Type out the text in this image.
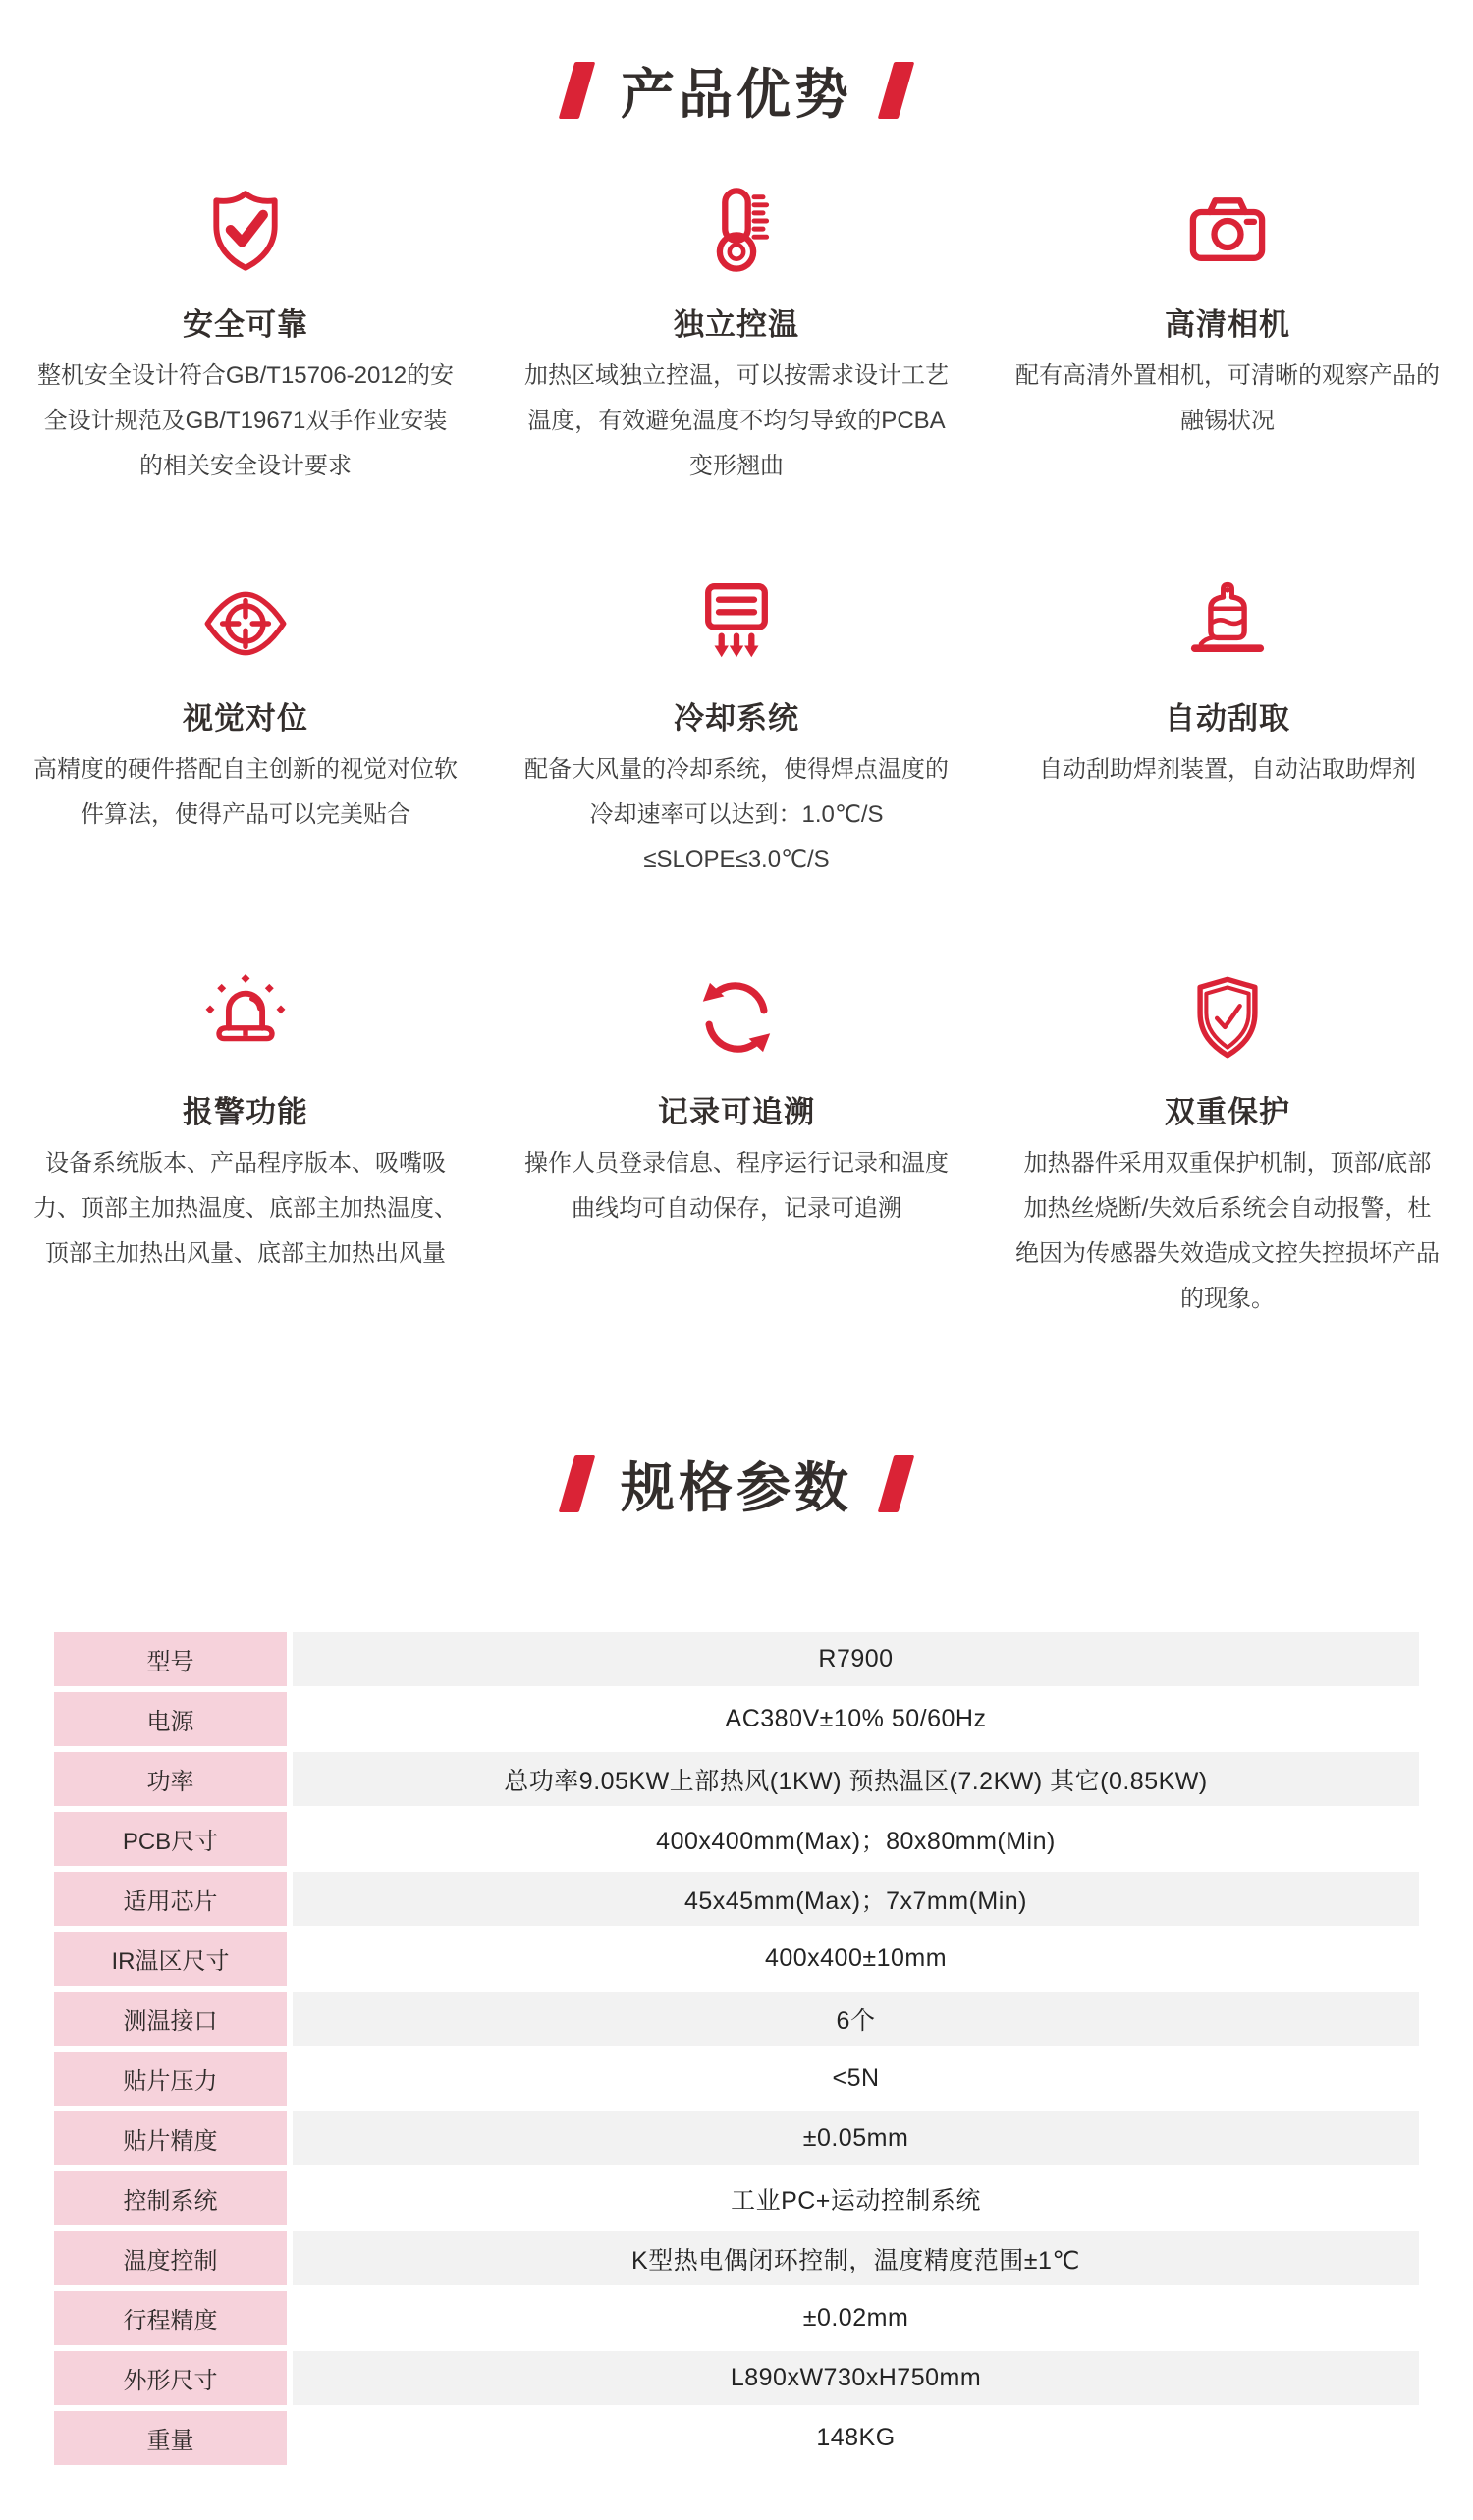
产品优势
安全可靠

整机安全设计符合GB/T15706-2012的安全设计规范及GB/T19671双手作业安装的相关安全设计要求

独立控温

加热区域独立控温，可以按需求设计工艺温度，有效避免温度不均匀导致的PCBA变形翘曲

高清相机

配有高清外置相机，可清晰的观察产品的融锡状况

视觉对位

高精度的硬件搭配自主创新的视觉对位软件算法，使得产品可以完美贴合

冷却系统

配备大风量的冷却系统，使得焊点温度的冷却速率可以达到：1.0℃/S ≤SLOPE≤3.0℃/S

自动刮取

自动刮助焊剂装置，自动沾取助焊剂

报警功能

设备系统版本、产品程序版本、吸嘴吸力、顶部主加热温度、底部主加热温度、顶部主加热出风量、底部主加热出风量

记录可追溯

操作人员登录信息、程序运行记录和温度曲线均可自动保存，记录可追溯

双重保护

加热器件采用双重保护机制，顶部/底部加热丝烧断/失效后系统会自动报警，杜绝因为传感器失效造成文控失控损坏产品的现象。

规格参数
型号	R7900
电源	AC380V±10% 50/60Hz
功率	总功率9.05KW上部热风(1KW) 预热温区(7.2KW) 其它(0.85KW)
PCB尺寸	400x400mm(Max)；80x80mm(Min)
适用芯片	45x45mm(Max)；7x7mm(Min)
IR温区尺寸	400x400±10mm
测温接口	6个
贴片压力	<5N
贴片精度	±0.05mm
控制系统	工业PC+运动控制系统
温度控制	K型热电偶闭环控制，温度精度范围±1℃
行程精度	±0.02mm
外形尺寸	L890xW730xH750mm
重量	148KG
